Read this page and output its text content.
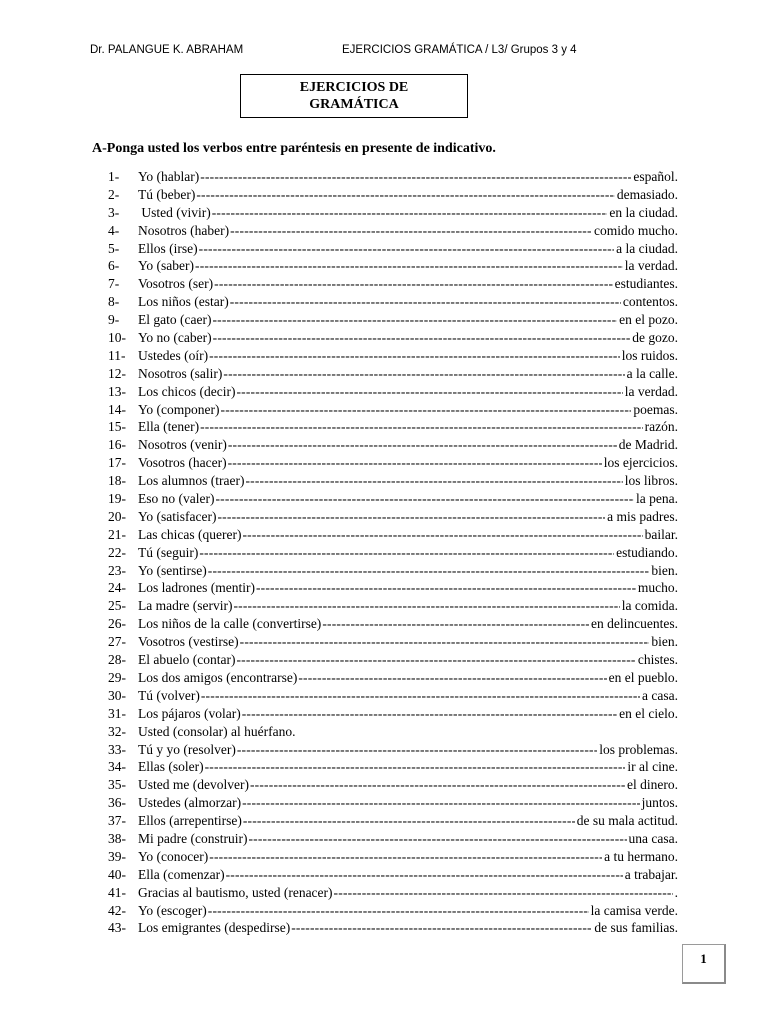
Dr. PALANGUE K. ABRAHAM	EJERCICIOS GRAMÁTICA / L3/ Grupos 3 y 4
EJERCICIOS DE
GRAMÁTICA
A-Ponga usted los verbos entre paréntesis en presente de indicativo.
1-	Yo (hablar) -----	español.
2-	Tú (beber) -----	demasiado.
3-	Usted (vivir) -----	en la ciudad.
4-	Nosotros (haber) -----	comido mucho.
5-	Ellos (irse) -----	a la ciudad.
6-	Yo (saber) -----	la verdad.
7-	Vosotros (ser) -----	estudiantes.
8-	Los niños (estar) -----	contentos.
9-	El gato (caer) -----	en el pozo.
10- Yo no (caber) -----	de gozo.
11- Ustedes (oír) -----	los ruidos.
12- Nosotros (salir) -----	a la calle.
13- Los chicos (decir) -----	la verdad.
14- Yo (componer) -----	poemas.
15- Ella (tener) -----	razón.
16- Nosotros (venir) -----	de Madrid.
17- Vosotros (hacer) -----	los ejercicios.
18- Los alumnos (traer) -----	los libros.
19- Eso no (valer) -----	la pena.
20- Yo (satisfacer) -----	a mis padres.
21- Las chicas (querer) -----	bailar.
22- Tú (seguir) -----	estudiando.
23- Yo (sentirse) -----	bien.
24- Los ladrones (mentir) -----	mucho.
25- La madre (servir) -----	la comida.
26- Los niños de la calle (convertirse) -----	en delincuentes.
27- Vosotros (vestirse) -----	bien.
28- El abuelo (contar) -----	chistes.
29- Los dos amigos (encontrarse) -----	en el pueblo.
30- Tú (volver) -----	a casa.
31- Los pájaros (volar) -----	en el cielo.
32- Usted (consolar) al huérfano.
33- Tú y yo (resolver) -----	los problemas.
34- Ellas (soler) -----	ir al cine.
35- Usted me (devolver) -----	el dinero.
36- Ustedes (almorzar) -----	juntos.
37- Ellos (arrepentirse) -----	de su mala actitud.
38- Mi padre (construir) -----	una casa.
39- Yo (conocer) -----	a tu hermano.
40- Ella (comenzar) -----	a trabajar.
41- Gracias al bautismo, usted (renacer) -----	.
42- Yo (escoger) -----	la camisa verde.
43- Los emigrantes (despedirse) -----	de sus familias.
1
